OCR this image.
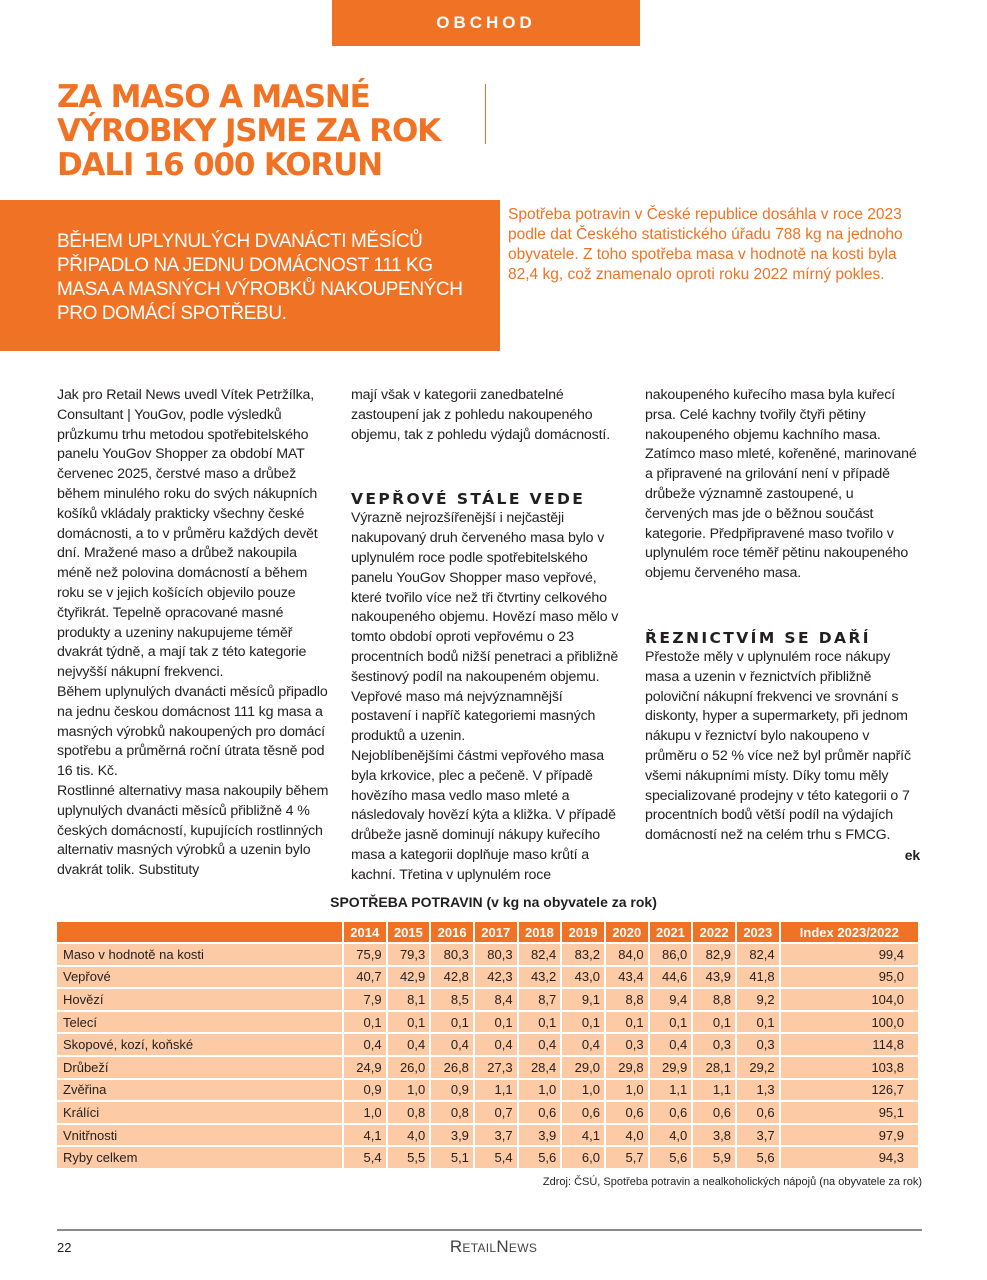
OBCHOD
ZA MASO A MASNÉ VÝROBKY JSME ZA ROK DALI 16 000 KORUN

BĚHEM UPLYNULÝCH DVANÁCTI MĚSÍCŮ PŘIPADLO NA JEDNU DOMÁCNOST 111 KG MASA A MASNÝCH VÝROBKŮ NAKOUPENÝCH PRO DOMÁCÍ SPOTŘEBU.

Spotřeba potravin v České republice dosáhla v roce 2023 podle dat Českého statistického úřadu 788 kg na jednoho obyvatele. Z toho spotřeba masa v hodnotě na kosti byla 82,4 kg, což znamenalo oproti roku 2022 mírný pokles.

Jak pro Retail News uvedl Vítek Petržílka, Consultant | YouGov, podle výsledků průzkumu trhu metodou spotřebitelského panelu YouGov Shopper za období MAT červenec 2025, čerstvé maso a drůbež během minulého roku do svých nákupních košíků vkládaly prakticky všechny české domácnosti, a to v průměru každých devět dní. Mražené maso a drůbež nakoupila méně než polovina domácností a během roku se v jejich košících objevilo pouze čtyřikrát. Tepelně opracované masné produkty a uzeniny nakupujeme téměř dvakrát týdně, a mají tak z této kategorie nejvyšší nákupní frekvenci.

Během uplynulých dvanácti měsíců připadlo na jednu českou domácnost 111 kg masa a masných výrobků nakoupených pro domácí spotřebu a průměrná roční útrata těsně pod 16 tis. Kč.

Rostlinné alternativy masa nakoupily během uplynulých dvanácti měsíců přibližně 4 % českých domácností, kupujících rostlinných alternativ masných výrobků a uzenin bylo dvakrát tolik. Substituty

mají však v kategorii zanedbatelné zastoupení jak z pohledu nakoupeného objemu, tak z pohledu výdajů domácností.

VEPŘOVÉ STÁLE VEDE

Výrazně nejrozšířenější i nejčastěji nakupovaný druh červeného masa bylo v uplynulém roce podle spotřebitelského panelu YouGov Shopper maso vepřové, které tvořilo více než tři čtvrtiny celkového nakoupeného objemu. Hovězí maso mělo v tomto období oproti vepřovému o 23 procentních bodů nižší penetraci a přibližně šestinový podíl na nakoupeném objemu. Vepřové maso má nejvýznamnější postavení i napříč kategoriemi masných produktů a uzenin.

Nejoblíbenějšími částmi vepřového masa byla krkovice, plec a pečeně. V případě hovězího masa vedlo maso mleté a následovaly hovězí kýta a kližka. V případě drůbeže jasně dominují nákupy kuřecího masa a kategorii doplňuje maso krůtí a kachní. Třetina v uplynulém roce

nakoupeného kuřecího masa byla kuřecí prsa. Celé kachny tvořily čtyři pětiny nakoupeného objemu kachního masa. Zatímco maso mleté, kořeněné, marinované a připravené na grilování není v případě drůbeže významně zastoupené, u červených mas jde o běžnou součást kategorie. Předpřipravené maso tvořilo v uplynulém roce téměř pětinu nakoupeného objemu červeného masa.

ŘEZNICTVÍM SE DAŘÍ

Přestože měly v uplynulém roce nákupy masa a uzenin v řeznictvích přibližně poloviční nákupní frekvenci ve srovnání s diskonty, hyper a supermarkety, při jednom nákupu v řeznictví bylo nakoupeno v průměru o 52 % více než byl průměr napříč všemi nákupními místy. Díky tomu měly specializované prodejny v této kategorii o 7 procentních bodů větší podíl na výdajích domácností než na celém trhu s FMCG.

ek

SPOTŘEBA POTRAVIN (v kg na obyvatele za rok)
	2014	2015	2016	2017	2018	2019	2020	2021	2022	2023	Index 2023/2022
Maso v hodnotě na kosti	75,9	79,3	80,3	80,3	82,4	83,2	84,0	86,0	82,9	82,4	99,4
Vepřové	40,7	42,9	42,8	42,3	43,2	43,0	43,4	44,6	43,9	41,8	95,0
Hovězí	7,9	8,1	8,5	8,4	8,7	9,1	8,8	9,4	8,8	9,2	104,0
Telecí	0,1	0,1	0,1	0,1	0,1	0,1	0,1	0,1	0,1	0,1	100,0
Skopové, kozí, koňské	0,4	0,4	0,4	0,4	0,4	0,4	0,3	0,4	0,3	0,3	114,8
Drůbeží	24,9	26,0	26,8	27,3	28,4	29,0	29,8	29,9	28,1	29,2	103,8
Zvěřina	0,9	1,0	0,9	1,1	1,0	1,0	1,0	1,1	1,1	1,3	126,7
Králíci	1,0	0,8	0,8	0,7	0,6	0,6	0,6	0,6	0,6	0,6	95,1
Vnitřnosti	4,1	4,0	3,9	3,7	3,9	4,1	4,0	4,0	3,8	3,7	97,9
Ryby celkem	5,4	5,5	5,1	5,4	5,6	6,0	5,7	5,6	5,9	5,6	94,3
Zdroj: ČSÚ, Spotřeba potravin a nealkoholických nápojů (na obyvatele za rok)
22	RetailNews
